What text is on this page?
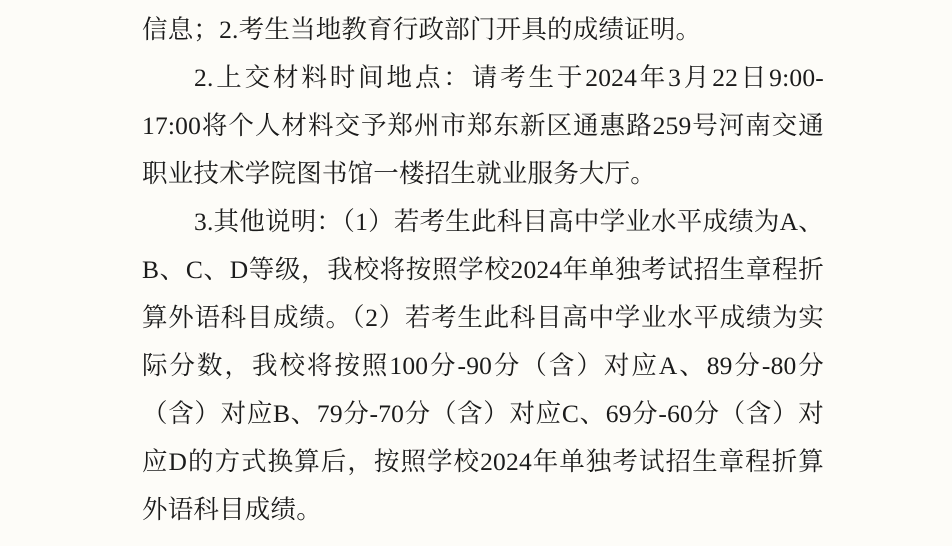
信息；2.考生当地教育行政部门开具的成绩证明。

2.上交材料时间地点：请考生于2024年3月22日9:00-17:00将个人材料交予郑州市郑东新区通惠路259号河南交通职业技术学院图书馆一楼招生就业服务大厅。

3.其他说明：（1）若考生此科目高中学业水平成绩为A、B、C、D等级，我校将按照学校2024年单独考试招生章程折算外语科目成绩。（2）若考生此科目高中学业水平成绩为实际分数，我校将按照100分-90分（含）对应A、89分-80分（含）对应B、79分-70分（含）对应C、69分-60分（含）对应D的方式换算后，按照学校2024年单独考试招生章程折算外语科目成绩。
